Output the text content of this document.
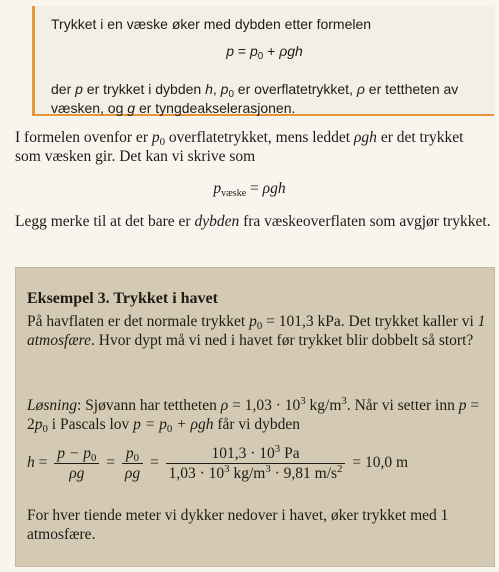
Trykket i en væske øker med dybden etter formelen
$p = p_0 + \rho gh$
der p er trykket i dybden h, $p_0$ er overflatetrykket, ρ er tettheten av væsken, og g er tyngdeakselerasjonen.
I formelen ovenfor er $p_0$ overflatetrykket, mens leddet ρgh er det trykket som væsken gir. Det kan vi skrive som
$p_{væske} = \rho gh$
Legg merke til at det bare er dybden fra væskeoverflaten som avgjør trykket.
Eksempel 3. Trykket i havet
På havflaten er det normale trykket $p_0 = 101,3$ kPa. Det trykket kaller vi 1 atmosfære. Hvor dypt må vi ned i havet før trykket blir dobbelt så stort?
Løsning: Sjøvann har tettheten $\rho = 1,03 \cdot 10^3$ $kg/m^3$. Når vi setter inn $p = 2p_0$ i Pascals lov $p = p_0 + \rho gh$ får vi dybden
$h = \frac{p - p_0}{\rho g} = \frac{p_0}{\rho g} = \frac{101,3 \cdot 10^3 Pa}{1,03 \cdot 10^3 kg/m^3 \cdot 9,81 m/s^2} = 10,0$ m
For hver tiende meter vi dykker nedover i havet, øker trykket med 1 atmosfære.
